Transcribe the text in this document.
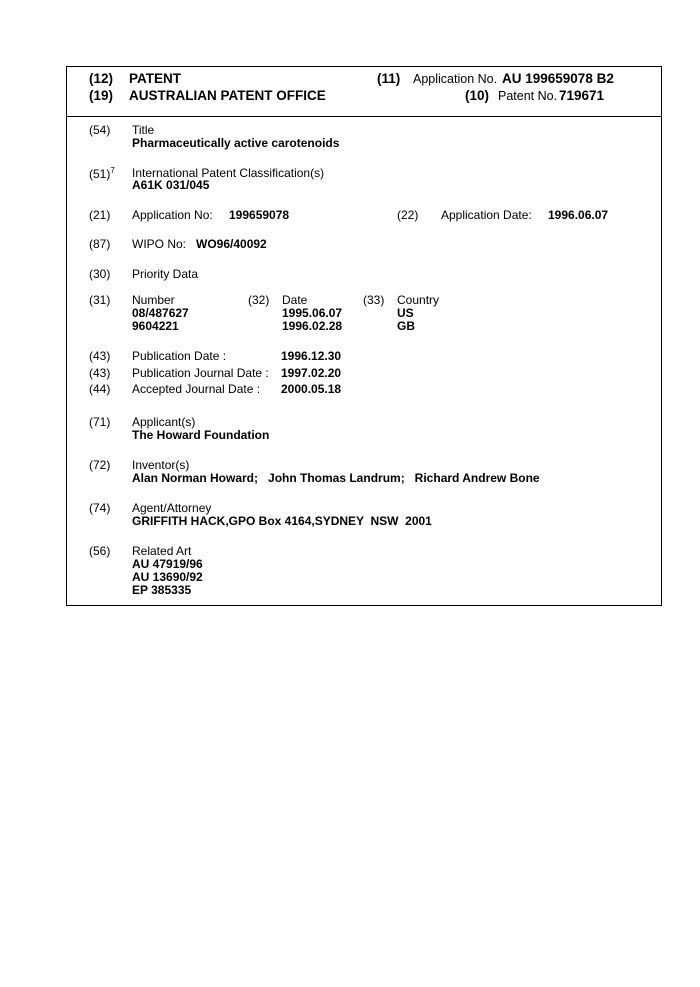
(12) PATENT
(19) AUSTRALIAN PATENT OFFICE
(11) Application No. AU 199659078 B2
(10) Patent No. 719671
(54) Title
Pharmaceutically active carotenoids
$(51)^7$ International Patent Classification(s)
A61K 031/045
(21) Application No: 199659078	(22) Application Date: 1996.06.07
(87) WIPO No: WO96/40092
(30) Priority Data
(31) Number	(32) Date	(33) Country
08/487627	1995.06.07	US
9604221	1996.02.28	GB
(43) Publication Date :	1996.12.30
(43) Publication Journal Date : 1997.02.20
(44) Accepted Journal Date : 2000.05.18
(71) Applicant(s)
The Howard Foundation
(72) Inventor(s)
Alan Norman Howard;   John Thomas Landrum;   Richard Andrew Bone
(74) Agent/Attorney
GRIFFITH HACK,GPO Box 4164,SYDNEY  NSW  2001
(56) Related Art
AU 47919/96
AU 13690/92
EP 385335
